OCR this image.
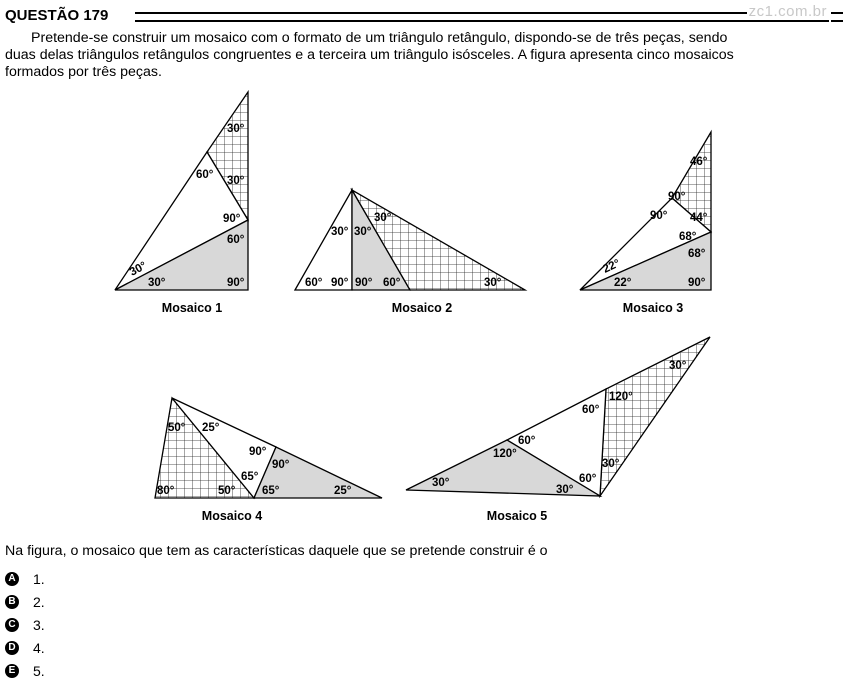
QUESTÃO 179	zc1.com.br

Pretende-se construir um mosaico com o formato de um triângulo retângulo, dispondo-se de três peças, sendo
duas delas triângulos retângulos congruentes e a terceira um triângulo isósceles. A figura apresenta cinco mosaicos
formados por três peças.

30°
30°
60°
90°
60°
30°
30°	90°
Mosaico 1
30° 30°
30°
60° 90° 90° 60°	30°
Mosaico 2
46°
90°
90° 44°
68°
22°
68°
22°	90°
Mosaico 3
50° 25°
90°
90°
65°
80°	50° 65°	25°
Mosaico 4
30°
120°
60°
60°
120°
30°
30°	60°
30°
Mosaico 5

Na figura, o mosaico que tem as características daquele que se pretende construir é o

A 1.
B 2.
C 3.
D 4.
E 5.
